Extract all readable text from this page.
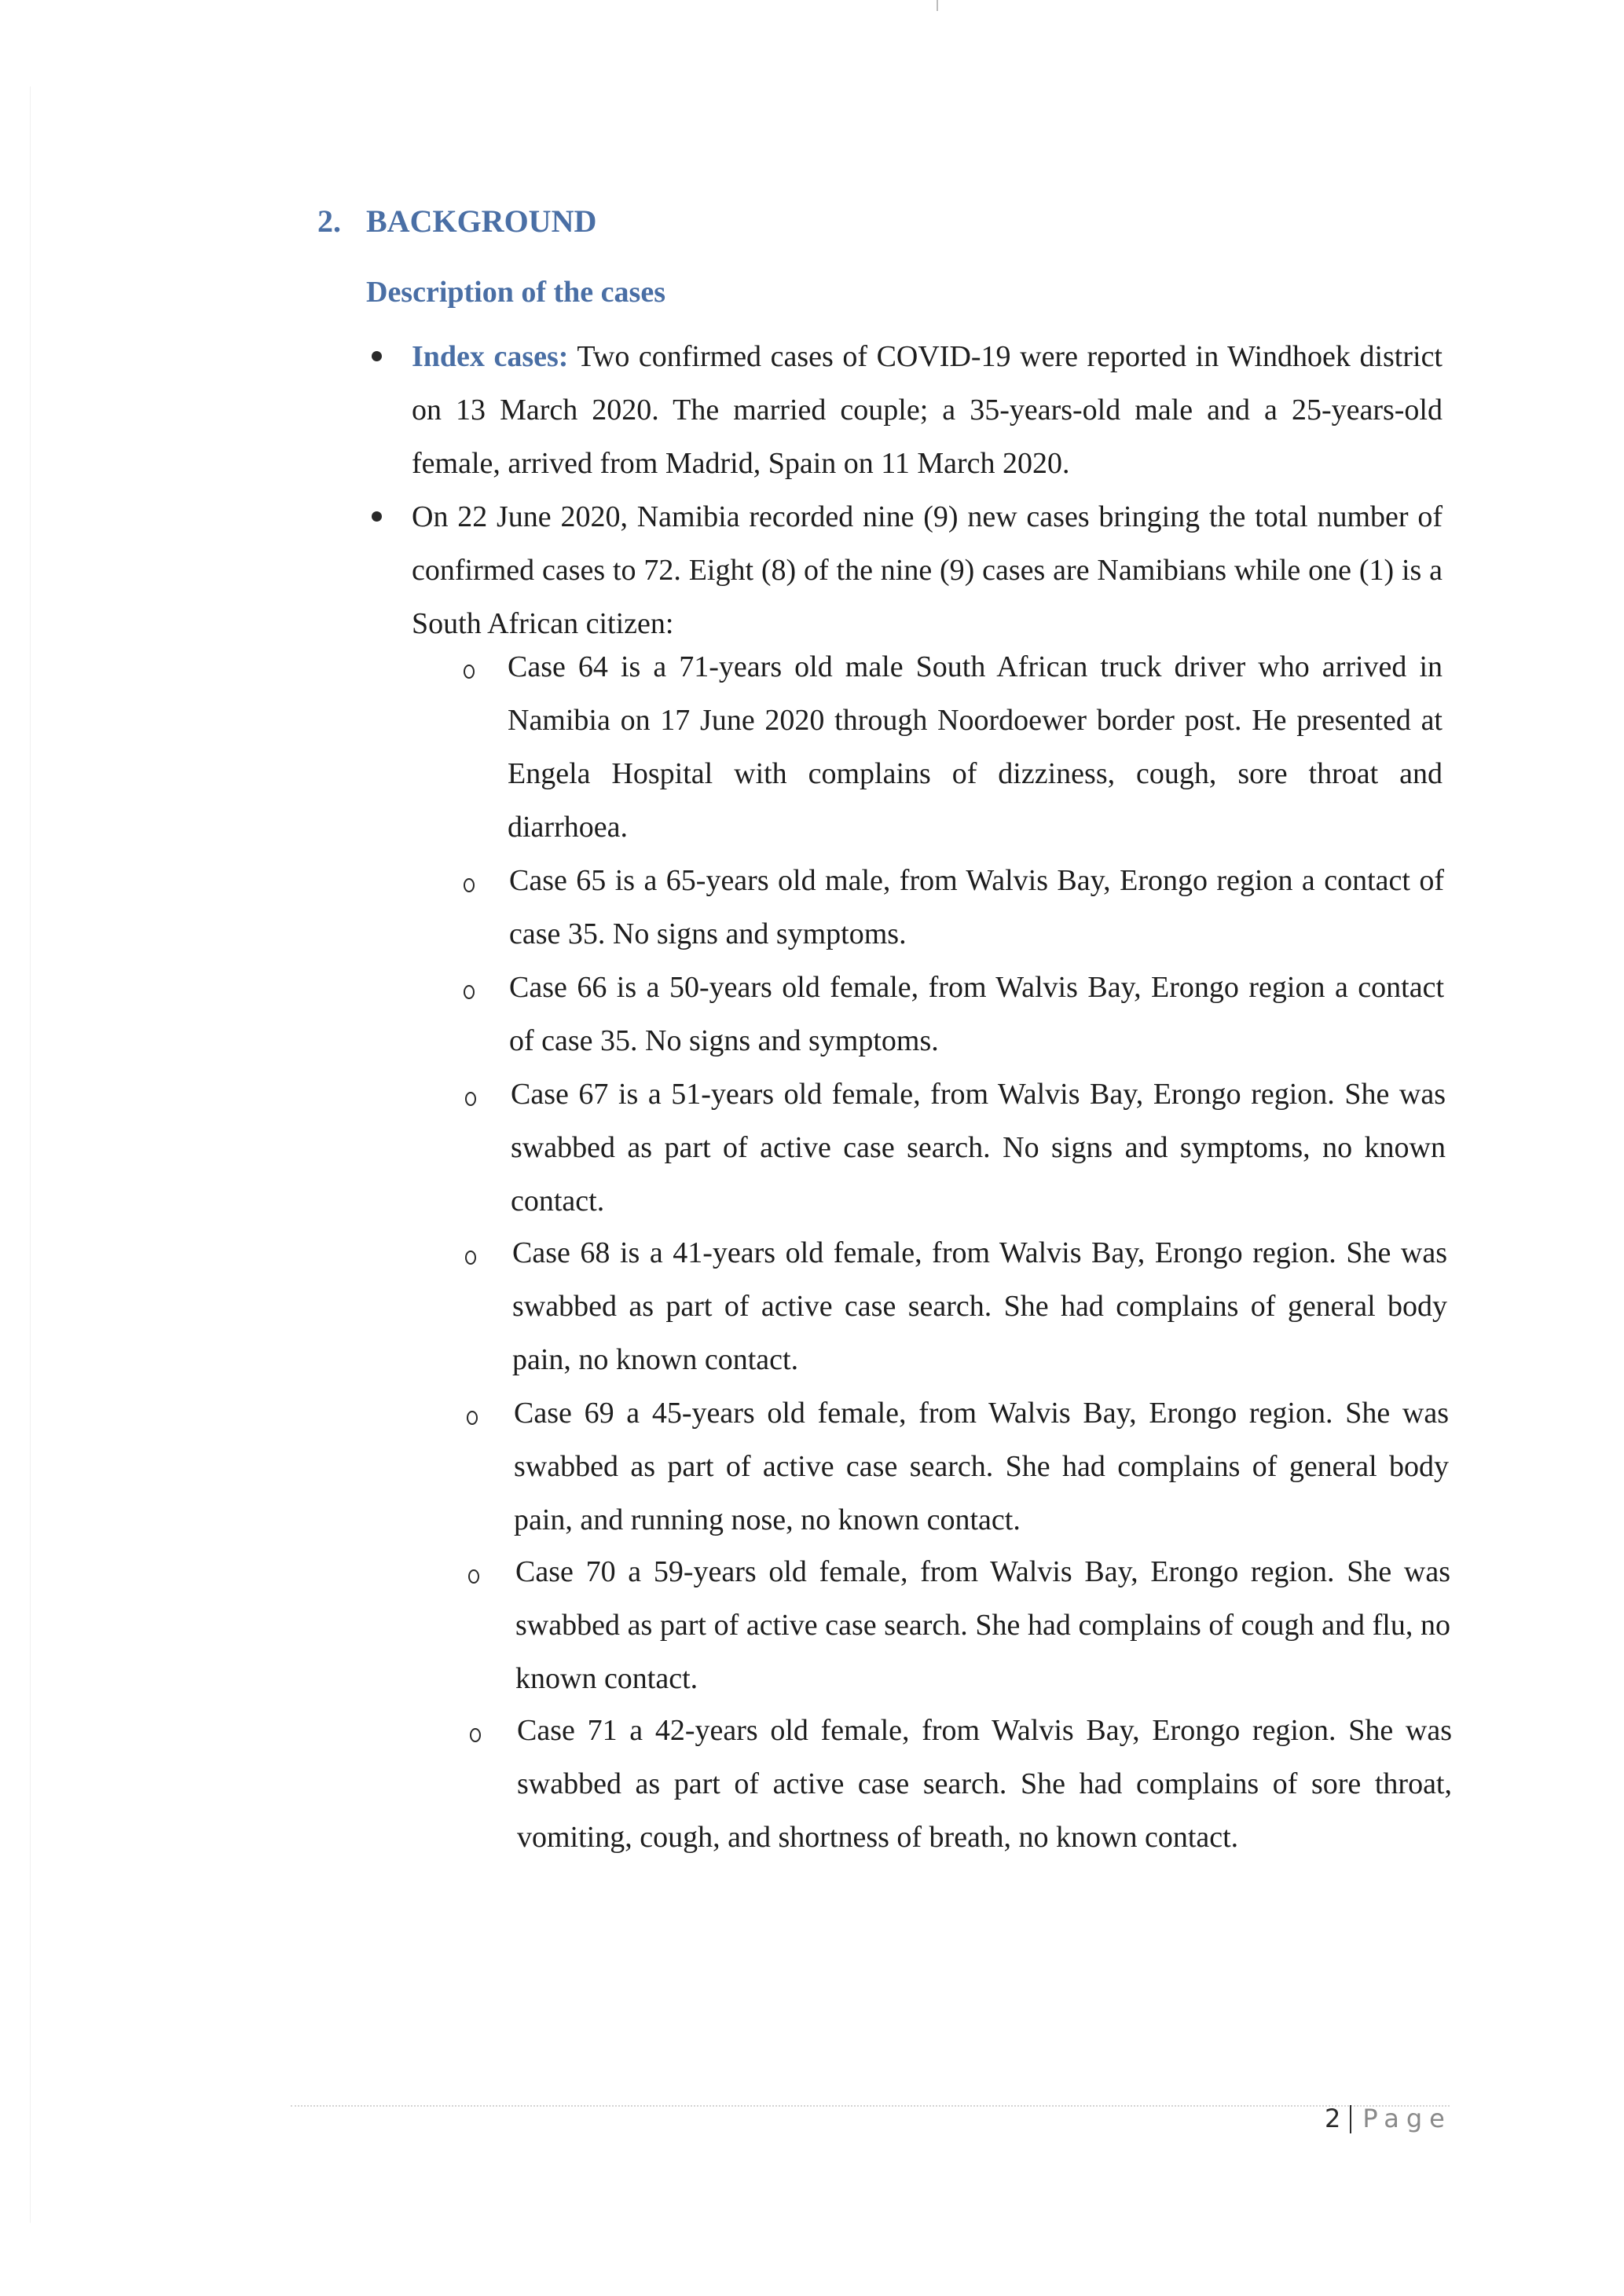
2. BACKGROUND
Description of the cases
Index cases: Two confirmed cases of COVID-19 were reported in Windhoek district on 13 March 2020. The married couple; a 35-years-old male and a 25-years-old female, arrived from Madrid, Spain on 11 March 2020.
On 22 June 2020, Namibia recorded nine (9) new cases bringing the total number of confirmed cases to 72. Eight (8) of the nine (9) cases are Namibians while one (1) is a South African citizen:
Case 64 is a 71-years old male South African truck driver who arrived in Namibia on 17 June 2020 through Noordoewer border post. He presented at Engela Hospital with complains of dizziness, cough, sore throat and diarrhoea.
Case 65 is a 65-years old male, from Walvis Bay, Erongo region a contact of case 35. No signs and symptoms.
Case 66 is a 50-years old female, from Walvis Bay, Erongo region a contact of case 35. No signs and symptoms.
Case 67 is a 51-years old female, from Walvis Bay, Erongo region. She was swabbed as part of active case search. No signs and symptoms, no known contact.
Case 68 is a 41-years old female, from Walvis Bay, Erongo region. She was swabbed as part of active case search. She had complains of general body pain, no known contact.
Case 69 a 45-years old female, from Walvis Bay, Erongo region. She was swabbed as part of active case search. She had complains of general body pain, and running nose, no known contact.
Case 70 a 59-years old female, from Walvis Bay, Erongo region. She was swabbed as part of active case search. She had complains of cough and flu, no known contact.
Case 71 a 42-years old female, from Walvis Bay, Erongo region. She was swabbed as part of active case search. She had complains of sore throat, vomiting, cough, and shortness of breath, no known contact.
2 Page
